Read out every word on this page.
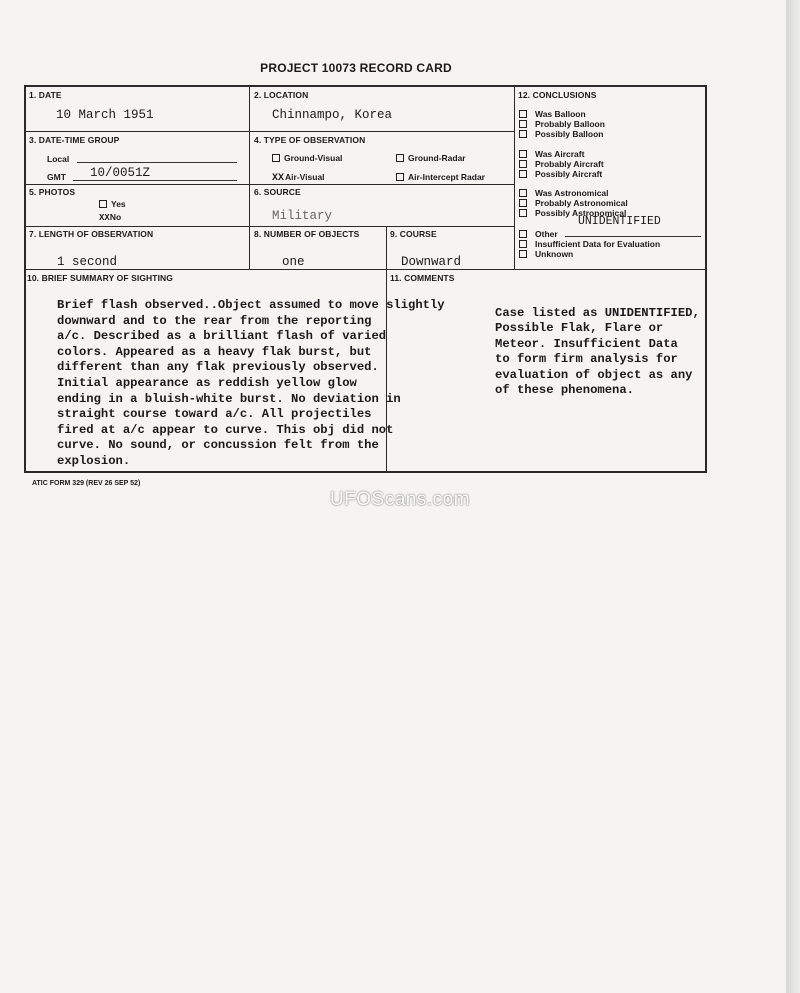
PROJECT 10073 RECORD CARD
1. DATE
10 March 1951
2. LOCATION
Chinnampo, Korea
3. DATE-TIME GROUP
Local
GMT 10/0051Z
4. TYPE OF OBSERVATION
Ground-Visual	Ground-Radar
XXAir-Visual	Air-Intercept Radar
5. PHOTOS
Yes
XXNo
6. SOURCE
Military
7. LENGTH OF OBSERVATION
1 second
8. NUMBER OF OBJECTS
one
9. COURSE
Downward
10. BRIEF SUMMARY OF SIGHTING
Brief flash observed..Object assumed to move slightly
downward and to the rear from the reporting
a/c. Described as a brilliant flash of varied
colors. Appeared as a heavy flak burst, but
different than any flak previously observed.
Initial appearance as reddish yellow glow
ending in a bluish-white burst. No deviation in
straight course toward a/c. All projectiles
fired at a/c appear to curve. This obj did not
curve. No sound, or concussion felt from the
explosion.
11. COMMENTS
Case listed as UNIDENTIFIED,
Possible Flak, Flare or
Meteor. Insufficient Data
to form firm analysis for
evaluation of object as any
of these phenomena.
12. CONCLUSIONS
Was Balloon
Probably Balloon
Possibly Balloon
Was Aircraft
Probably Aircraft
Possibly Aircraft
Was Astronomical
Probably Astronomical
Possibly Astronomical
UNIDENTIFIED
Other
Insufficient Data for Evaluation
Unknown
ATIC FORM 329 (REV 26 SEP 52)
UFOScans.com
